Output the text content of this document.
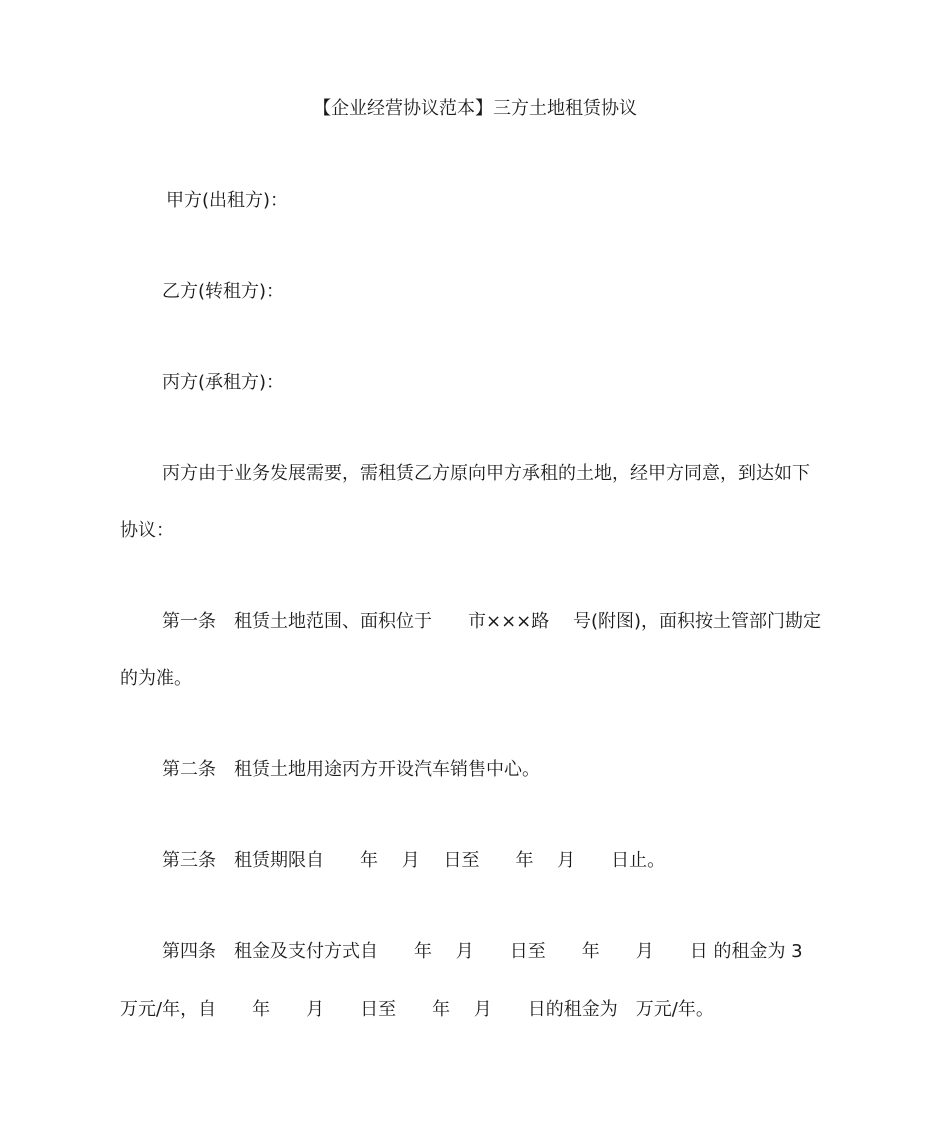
【企业经营协议范本】三方土地租赁协议
甲方(出租方)：
乙方(转租方)：
丙方(承租方)：
丙方由于业务发展需要，需租赁乙方原向甲方承租的土地，经甲方同意，到达如下
协议：
第一条　租赁土地范围、面积位于　　市×××路　 号(附图)，面积按土管部门勘定
的为准。
第二条　租赁土地用途丙方开设汽车销售中心。
第三条　租赁期限自　　年　 月　 日至　　年　 月　　日止。
第四条　租金及支付方式自　　年　 月　　日至　　年　　月　　日 的租金为 3
万元/年，自　　年　　月　　日至　　年　 月　　日的租金为　万元/年。
